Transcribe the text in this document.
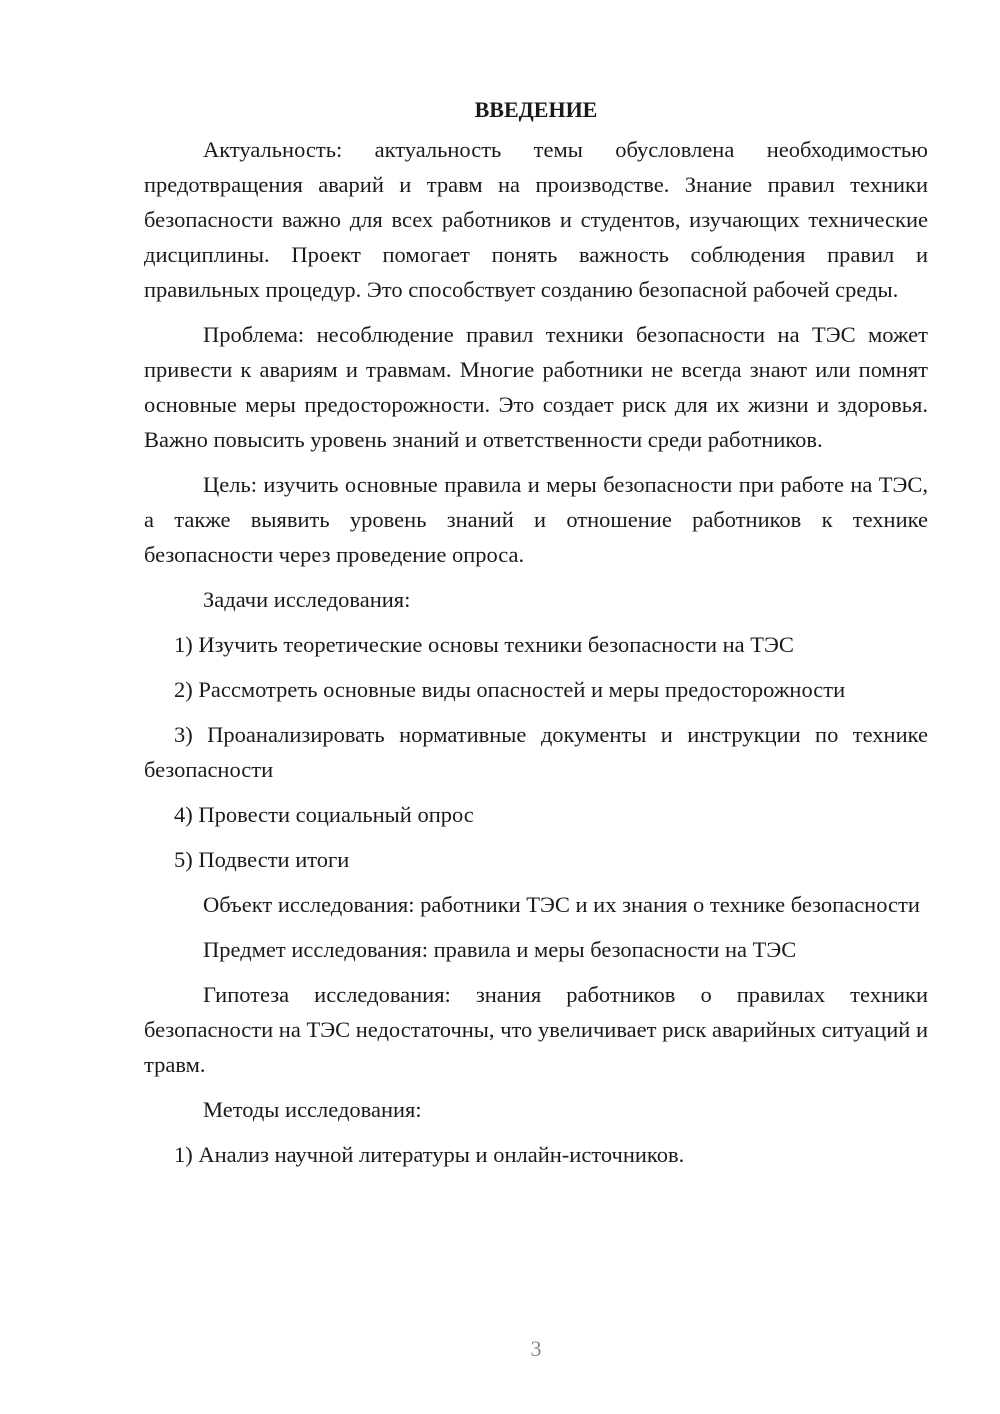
ВВЕДЕНИЕ

Актуальность: актуальность темы обусловлена необходимостью предотвращения аварий и травм на производстве. Знание правил техники безопасности важно для всех работников и студентов, изучающих технические дисциплины. Проект помогает понять важность соблюдения правил и правильных процедур. Это способствует созданию безопасной рабочей среды.

Проблема: несоблюдение правил техники безопасности на ТЭС может привести к авариям и травмам. Многие работники не всегда знают или помнят основные меры предосторожности. Это создает риск для их жизни и здоровья. Важно повысить уровень знаний и ответственности среди работников.

Цель: изучить основные правила и меры безопасности при работе на ТЭС, а также выявить уровень знаний и отношение работников к технике безопасности через проведение опроса.

Задачи исследования:

1) Изучить теоретические основы техники безопасности на ТЭС

2) Рассмотреть основные виды опасностей и меры предосторожности

3) Проанализировать нормативные документы и инструкции по технике безопасности

4) Провести социальный опрос

5) Подвести итоги

Объект исследования: работники ТЭС и их знания о технике безопасности

Предмет исследования: правила и меры безопасности на ТЭС

Гипотеза исследования: знания работников о правилах техники безопасности на ТЭС недостаточны, что увеличивает риск аварийных ситуаций и травм.

Методы исследования:

1) Анализ научной литературы и онлайн-источников.

3
